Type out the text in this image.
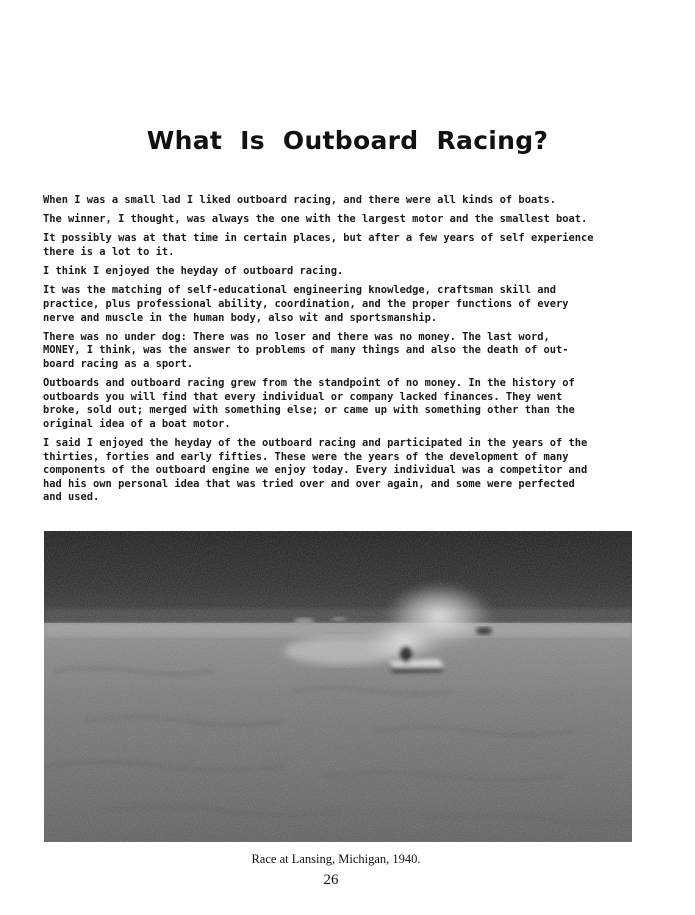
What Is Outboard Racing?

When I was a small lad I liked outboard racing, and there were all kinds of boats.

The winner, I thought, was always the one with the largest motor and the smallest boat.

It possibly was at that time in certain places, but after a few years of self experience
there is a lot to it.

I think I enjoyed the heyday of outboard racing.

It was the matching of self-educational engineering knowledge, craftsman skill and
practice, plus professional ability, coordination, and the proper functions of every
nerve and muscle in the human body, also wit and sportsmanship.

There was no under dog: There was no loser and there was no money. The last word,
MONEY, I think, was the answer to problems of many things and also the death of out-
board racing as a sport.

Outboards and outboard racing grew from the standpoint of no money. In the history of
outboards you will find that every individual or company lacked finances. They went
broke, sold out; merged with something else; or came up with something other than the
original idea of a boat motor.

I said I enjoyed the heyday of the outboard racing and participated in the years of the
thirties, forties and early fifties. These were the years of the development of many
components of the outboard engine we enjoy today. Every individual was a competitor and
had his own personal idea that was tried over and over again, and some were perfected
and used.

Race at Lansing, Michigan, 1940.
26
